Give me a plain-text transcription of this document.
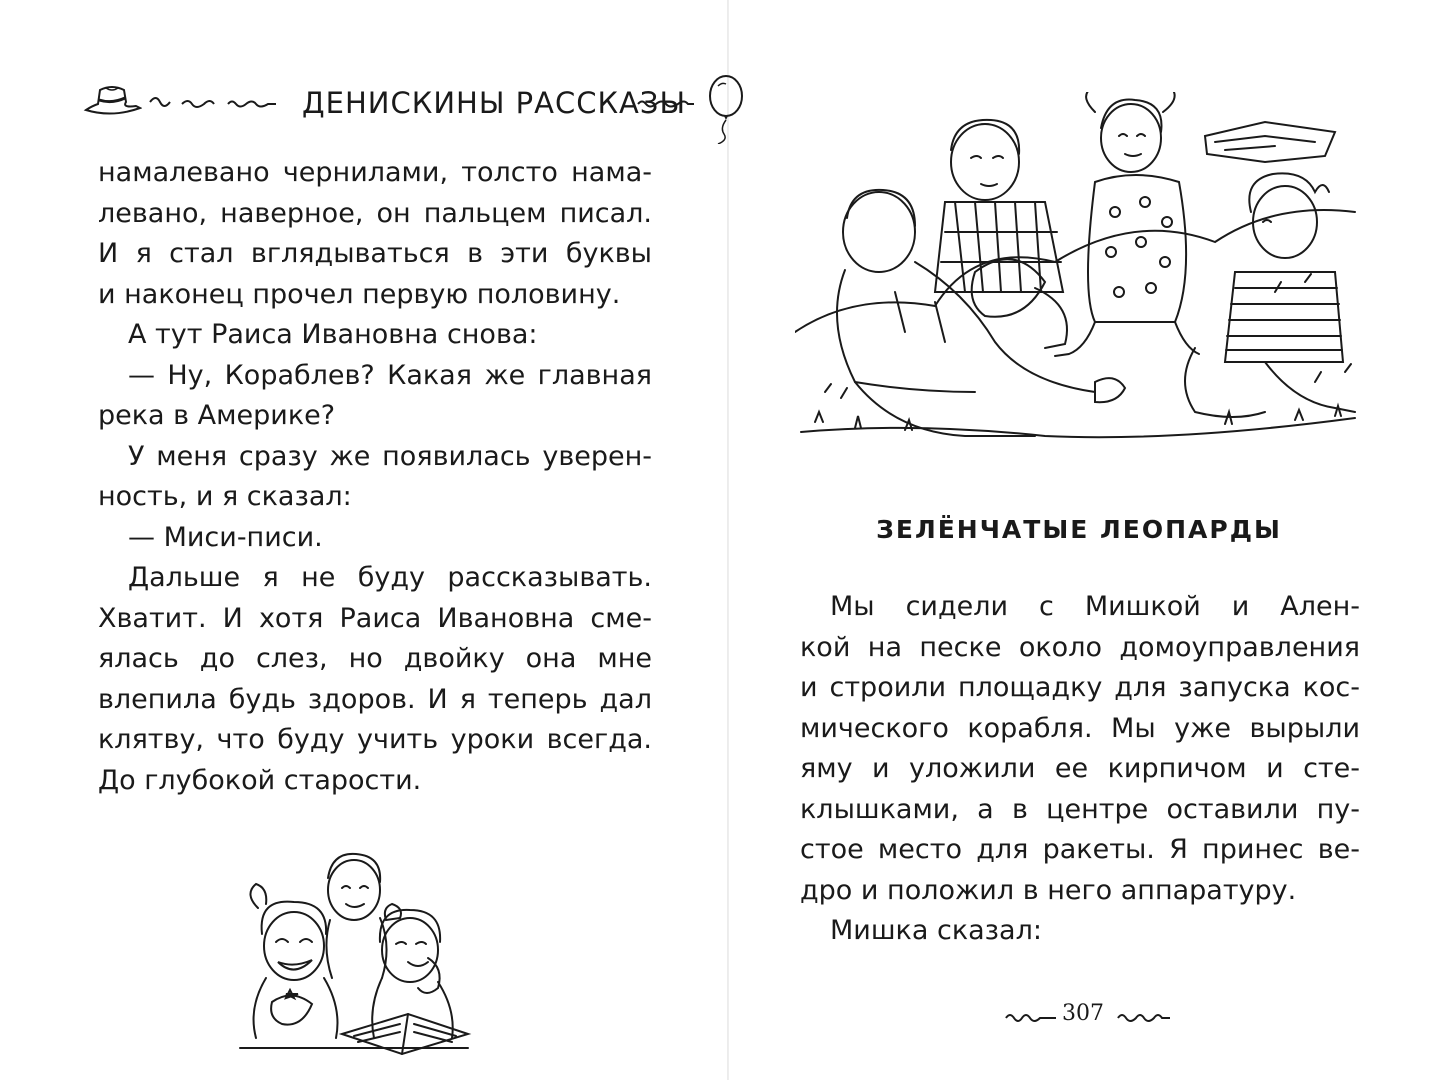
ДЕНИСКИНЫ РАССКАЗЫ

намалевано чернилами, толсто нама-
левано, наверное, он пальцем писал.
И я стал вглядываться в эти буквы
и наконец прочел первую половину.

А тут Раиса Ивановна снова:

— Ну, Кораблев? Какая же главная
река в Америке?

У меня сразу же появилась уверен-
ность, и я сказал:

— Миси-писи.

Дальше я не буду рассказывать.
Хватит. И хотя Раиса Ивановна сме-
ялась до слез, но двойку она мне
влепила будь здоров. И я теперь дал
клятву, что буду учить уроки всегда.
До глубокой старости.

ЗЕЛЁНЧАТЫЕ ЛЕОПАРДЫ

Мы сидели с Мишкой и Ален-
кой на песке около домоуправления
и строили площадку для запуска кос-
мического корабля. Мы уже вырыли
яму и уложили ее кирпичом и сте-
клышками, а в центре оставили пу-
стое место для ракеты. Я принес ве-
дро и положил в него аппаратуру.

Мишка сказал:

307
